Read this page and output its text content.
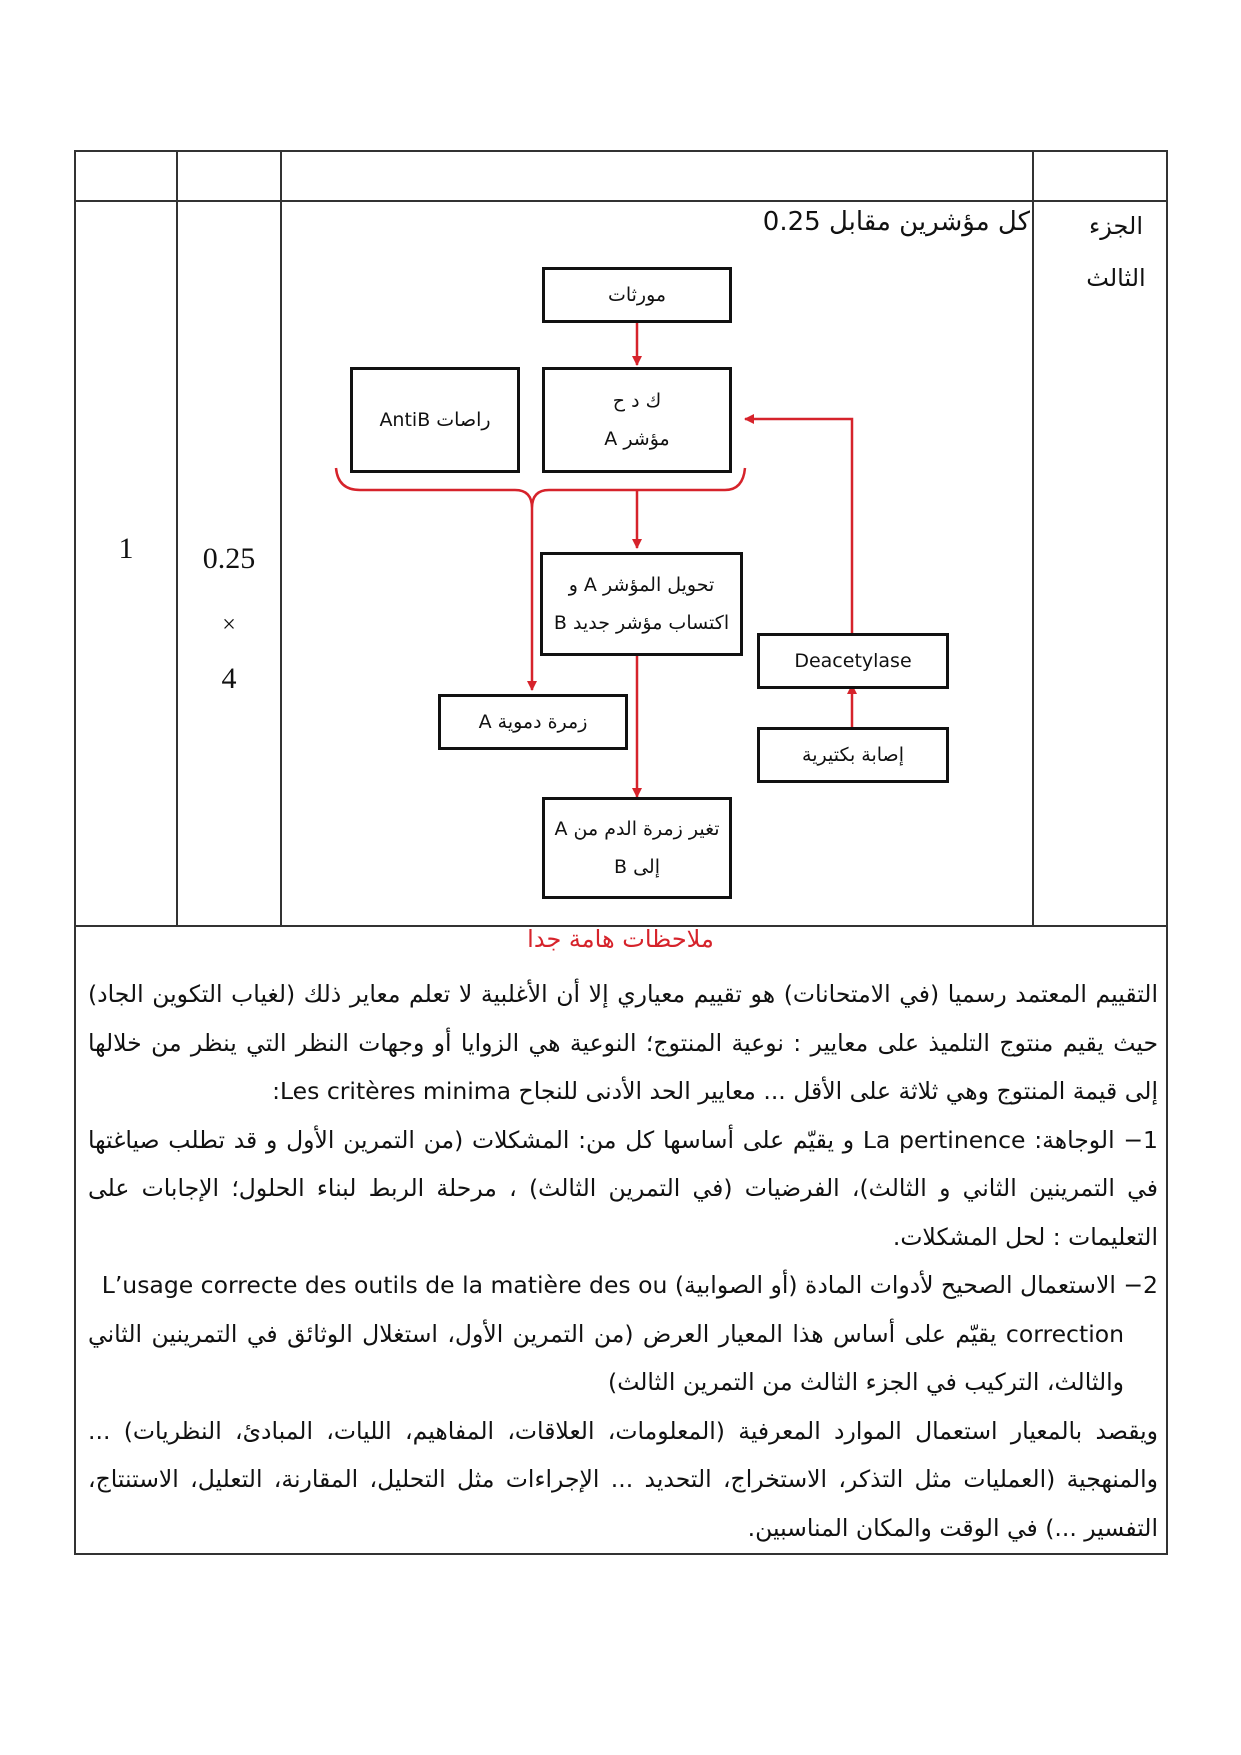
1	0.25
×
4
الجزء
الثالث
كل مؤشرين مقابل 0.25
مورثات
ك د ح
مؤشر A
راصات AntiB
تحويل المؤشر A و
اكتساب مؤشر جديد B
Deacetylase
زمرة دموية A
إصابة بكتيرية
تغير زمرة الدم من A
إلى B
ملاحظات هامة جدا

التقييم المعتمد رسميا (في الامتحانات) هو تقييم معياري إلا أن الأغلبية لا تعلم معاير ذلك (لغياب التكوين الجاد) حيث يقيم منتوج التلميذ على معايير : نوعية المنتوج؛ النوعية هي الزوايا أو وجهات النظر التي ينظر من خلالها إلى قيمة المنتوج وهي ثلاثة على الأقل ... معايير الحد الأدنى للنجاح Les critères minima:

1− الوجاهة: La pertinence و يقيّم على أساسها كل من: المشكلات (من التمرين الأول و قد تطلب صياغتها في التمرينين الثاني و الثالث)، الفرضيات (في التمرين الثالث) ، مرحلة الربط لبناء الحلول؛ الإجابات على التعليمات : لحل المشكلات.

2− الاستعمال الصحيح لأدوات المادة (أو الصوابية) L’usage correcte des outils de la matière des ou

correction يقيّم على أساس هذا المعيار العرض (من التمرين الأول، استغلال الوثائق في التمرينين الثاني والثالث، التركيب في الجزء الثالث من التمرين الثالث)

ويقصد بالمعيار استعمال الموارد المعرفية (المعلومات، العلاقات، المفاهيم، الليات، المبادئ، النظريات) ... والمنهجية (العمليات مثل التذكر، الاستخراج، التحديد ... الإجراءات مثل التحليل، المقارنة، التعليل، الاستنتاج، التفسير ...) في الوقت والمكان المناسبين.
